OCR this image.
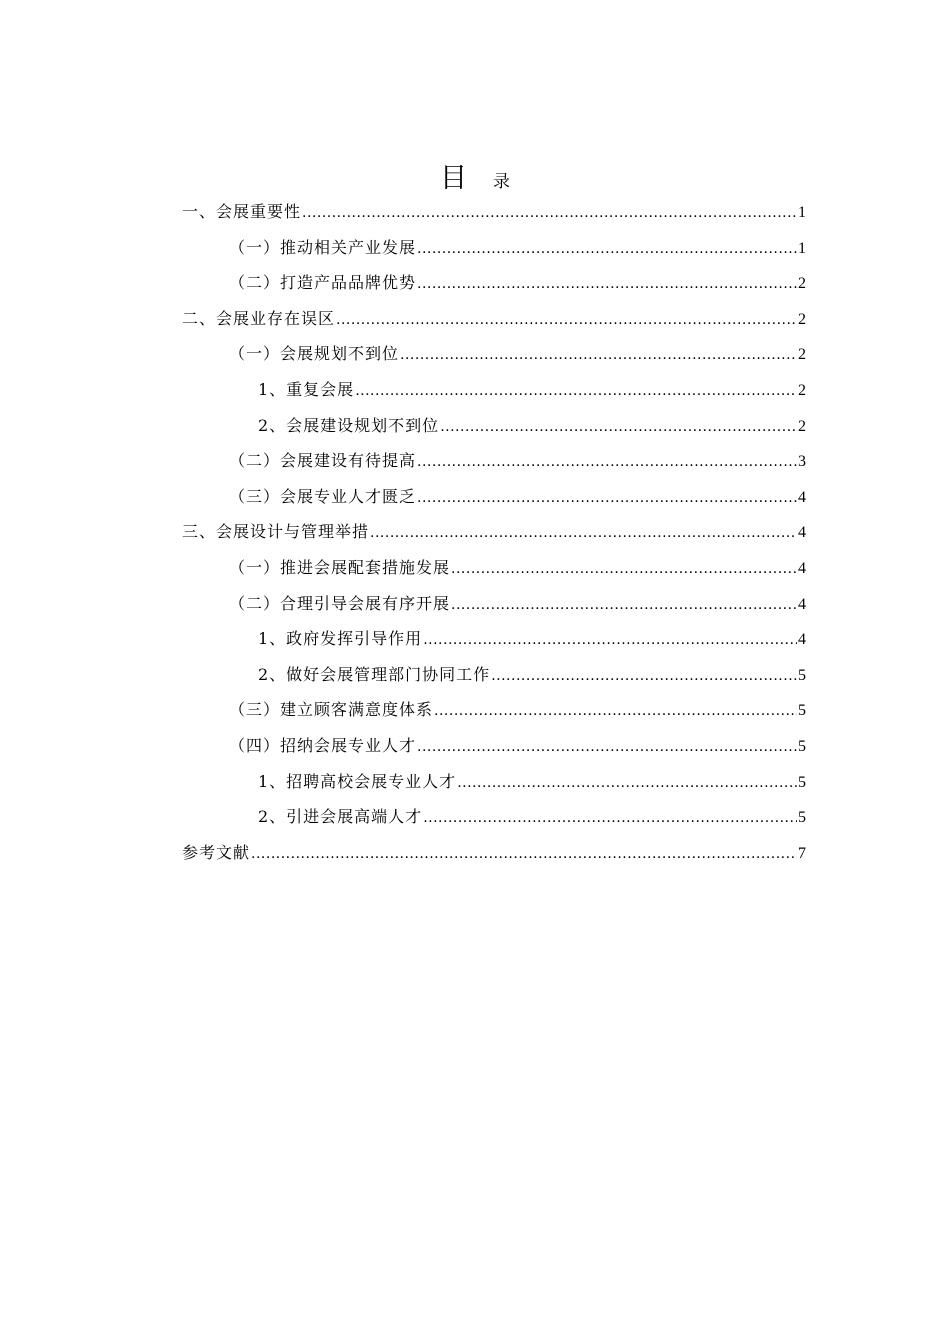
目 录
一、会展重要性 .....	1
（一）推动相关产业发展 .....	1
（二）打造产品品牌优势 .....	2
二、会展业存在误区 .....	2
（一）会展规划不到位 .....	2
1、重复会展 .....	2
2、会展建设规划不到位 .....	2
（二）会展建设有待提高 .....	3
（三）会展专业人才匮乏 .....	4
三、会展设计与管理举措 .....	4
（一）推进会展配套措施发展 .....	4
（二）合理引导会展有序开展 .....	4
1、政府发挥引导作用 .....	4
2、做好会展管理部门协同工作 .....	5
（三）建立顾客满意度体系 .....	5
（四）招纳会展专业人才 .....	5
1、招聘高校会展专业人才 .....	5
2、引进会展高端人才 .....	5
参考文献 .....	7
